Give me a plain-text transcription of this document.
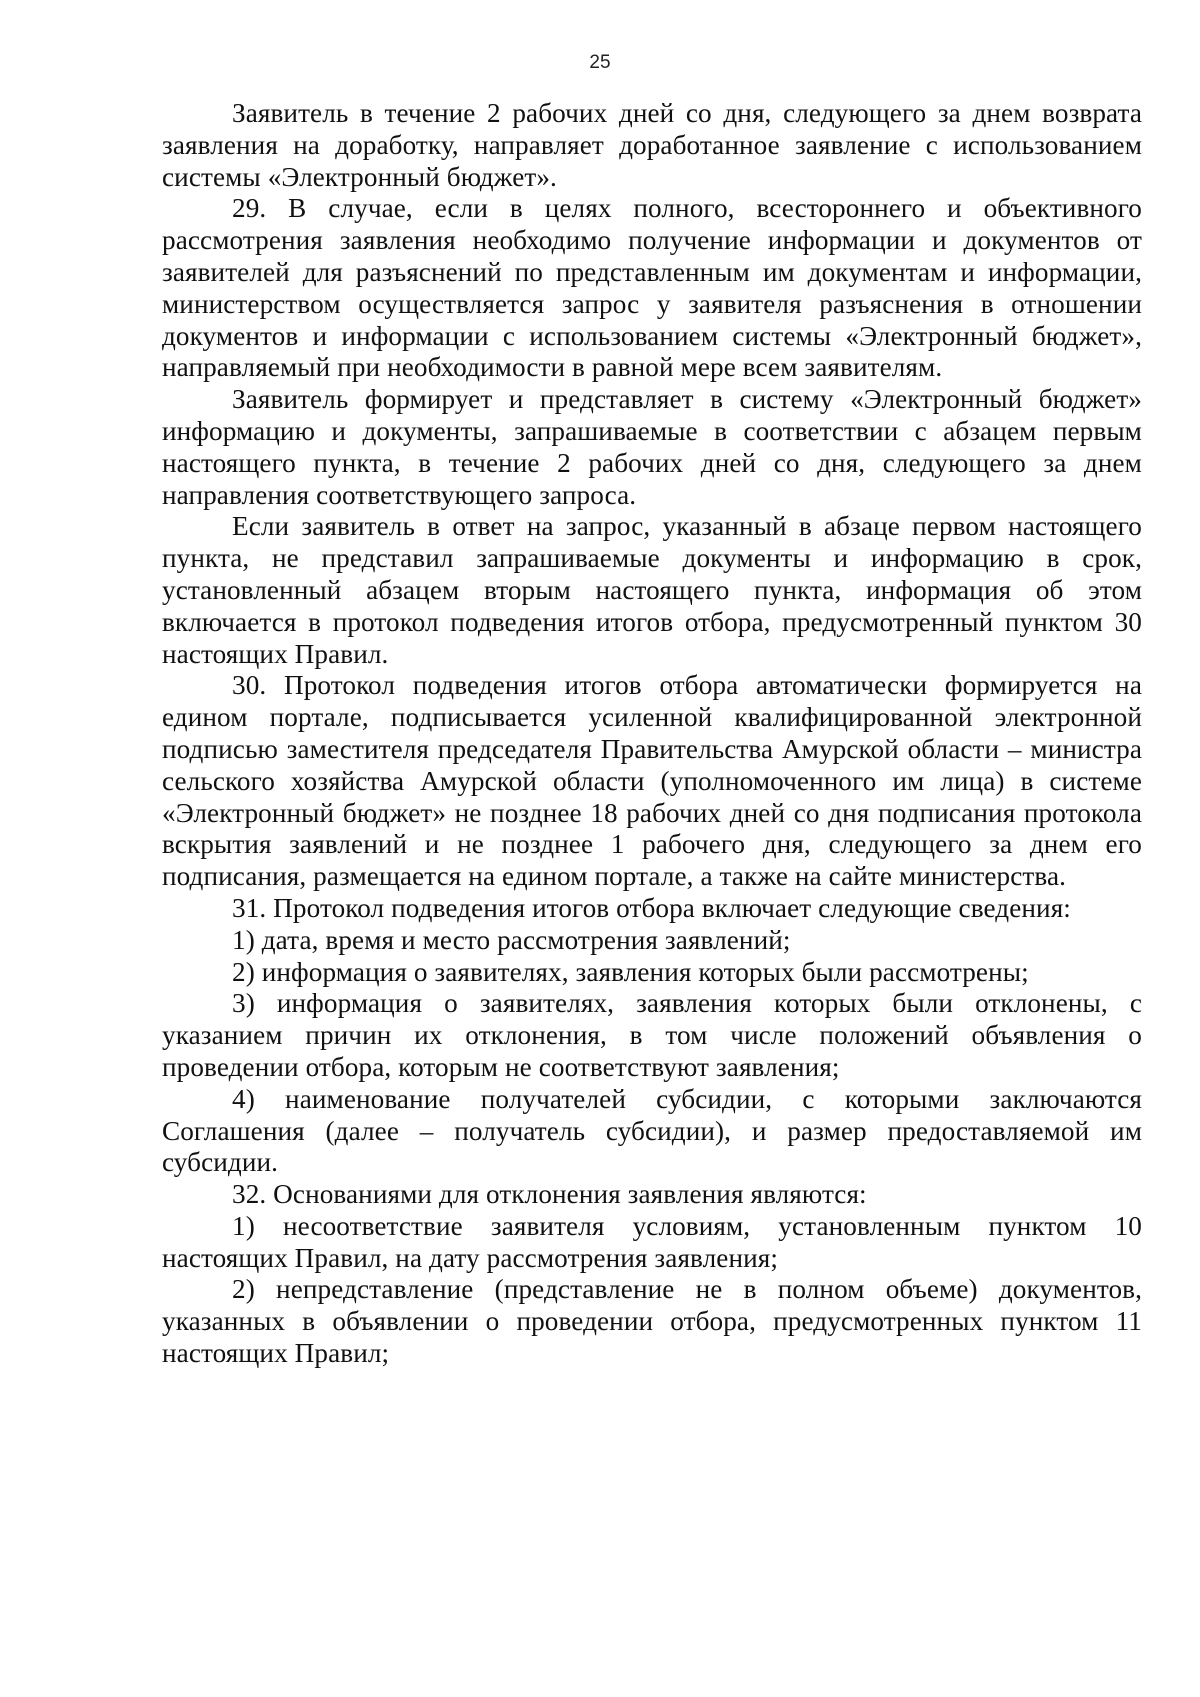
25

Заявитель в течение 2 рабочих дней со дня, следующего за днем возврата заявления на доработку, направляет доработанное заявление с использованием системы «Электронный бюджет».

29. В случае, если в целях полного, всестороннего и объективного рассмотрения заявления необходимо получение информации и документов от заявителей для разъяснений по представленным им документам и информации, министерством осуществляется запрос у заявителя разъяснения в отношении документов и информации с использованием системы «Электронный бюджет», направляемый при необходимости в равной мере всем заявителям.

Заявитель формирует и представляет в систему «Электронный бюджет» информацию и документы, запрашиваемые в соответствии с абзацем первым настоящего пункта, в течение 2 рабочих дней со дня, следующего за днем направления соответствующего запроса.

Если заявитель в ответ на запрос, указанный в абзаце первом настоящего пункта, не представил запрашиваемые документы и информацию в срок, установленный абзацем вторым настоящего пункта, информация об этом включается в протокол подведения итогов отбора, предусмотренный пунктом 30 настоящих Правил.

30. Протокол подведения итогов отбора автоматически формируется на едином портале, подписывается усиленной квалифицированной электронной подписью заместителя председателя Правительства Амурской области – министра сельского хозяйства Амурской области (уполномоченного им лица) в системе «Электронный бюджет» не позднее 18 рабочих дней со дня подписания протокола вскрытия заявлений и не позднее 1 рабочего дня, следующего за днем его подписания, размещается на едином портале, а также на сайте министерства.

31. Протокол подведения итогов отбора включает следующие сведения:

1) дата, время и место рассмотрения заявлений;

2) информация о заявителях, заявления которых были рассмотрены;

3) информация о заявителях, заявления которых были отклонены, с указанием причин их отклонения, в том числе положений объявления о проведении отбора, которым не соответствуют заявления;

4) наименование получателей субсидии, с которыми заключаются Соглашения (далее – получатель субсидии), и размер предоставляемой им субсидии.

32. Основаниями для отклонения заявления являются:

1) несоответствие заявителя условиям, установленным пунктом 10 настоящих Правил, на дату рассмотрения заявления;

2) непредставление (представление не в полном объеме) документов, указанных в объявлении о проведении отбора, предусмотренных пунктом 11 настоящих Правил;
